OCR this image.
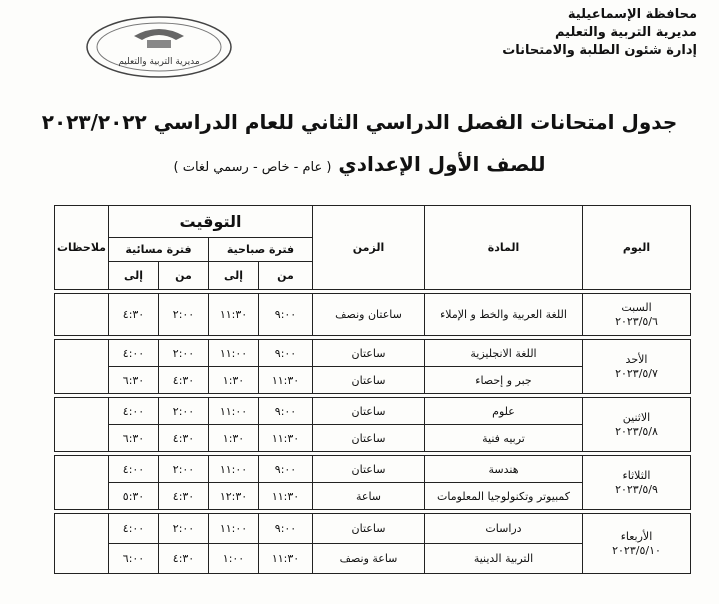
محافظة الإسماعيلية
مديرية التربية والتعليم
إدارة شئون الطلبة والامتحانات
مديرية التربية والتعليم
جدول امتحانات الفصل الدراسي الثاني للعام الدراسي ٢٠٢٣/٢٠٢٢
للصف الأول الإعدادي ( عام - خاص - رسمي لغات )
اليوم	المادة	الزمن	التوقيت				ملاحظات
			فترة صباحية		فترة مسائية		
			من	إلى	من	إلى	

السبت
٢٠٢٣/٥/٦	اللغة العربية والخط و الإملاء	ساعتان ونصف	٩:٠٠	١١:٣٠	٢:٠٠	٤:٣٠	

الأحد
٢٠٢٣/٥/٧	اللغة الانجليزية	ساعتان	٩:٠٠	١١:٠٠	٢:٠٠	٤:٠٠	
	جبر و إحصاء	ساعتان	١١:٣٠	١:٣٠	٤:٣٠	٦:٣٠	

الاثنين
٢٠٢٣/٥/٨	علوم	ساعتان	٩:٠٠	١١:٠٠	٢:٠٠	٤:٠٠	
	تربيه فنية	ساعتان	١١:٣٠	١:٣٠	٤:٣٠	٦:٣٠	

الثلاثاء
٢٠٢٣/٥/٩	هندسة	ساعتان	٩:٠٠	١١:٠٠	٢:٠٠	٤:٠٠	
	كمبيوتر وتكنولوجيا المعلومات	ساعة	١١:٣٠	١٢:٣٠	٤:٣٠	٥:٣٠	

الأربعاء
٢٠٢٣/٥/١٠	دراسات	ساعتان	٩:٠٠	١١:٠٠	٢:٠٠	٤:٠٠	
	التربية الدينية	ساعة ونصف	١١:٣٠	١:٠٠	٤:٣٠	٦:٠٠	
